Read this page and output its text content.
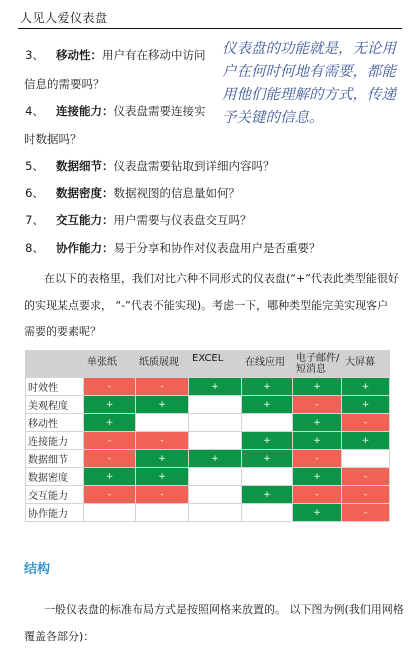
人见人爱仪表盘
3、 移动性：用户有在移动中访问
信息的需要吗？
4、 连接能力：仪表盘需要连接实
时数据吗？
仪表盘的功能就是，无论用
户在何时何地有需要，都能
用他们能理解的方式，传递
予关键的信息。
5、 数据细节：仪表盘需要钻取到详细内容吗？
6、 数据密度：数据视图的信息量如何？
7、 交互能力：用户需要与仪表盘交互吗？
8、 协作能力：易于分享和协作对仪表盘用户是否重要？
在以下的表格里，我们对比六种不同形式的仪表盘(“+”代表此类型能很好
的实现某点要求， “-”代表不能实现)。考虑一下，哪种类型能完美实现客户
需要的要素呢？
	单张纸	纸质展现	EXCEL	在线应用	电子邮件/
短消息	大屏幕
时效性	-	-	+	+	+	+
美观程度	+	+		+	-	+
移动性	+				+	-
连接能力	-	-		+	+	+
数据细节	-	+	+	+	-	
数据密度	+	+			+	-
交互能力	-	-		+	-	-
协作能力					+	-
结构
一般仪表盘的标准布局方式是按照网格来放置的。 以下图为例(我们用网格
覆盖各部分)：
